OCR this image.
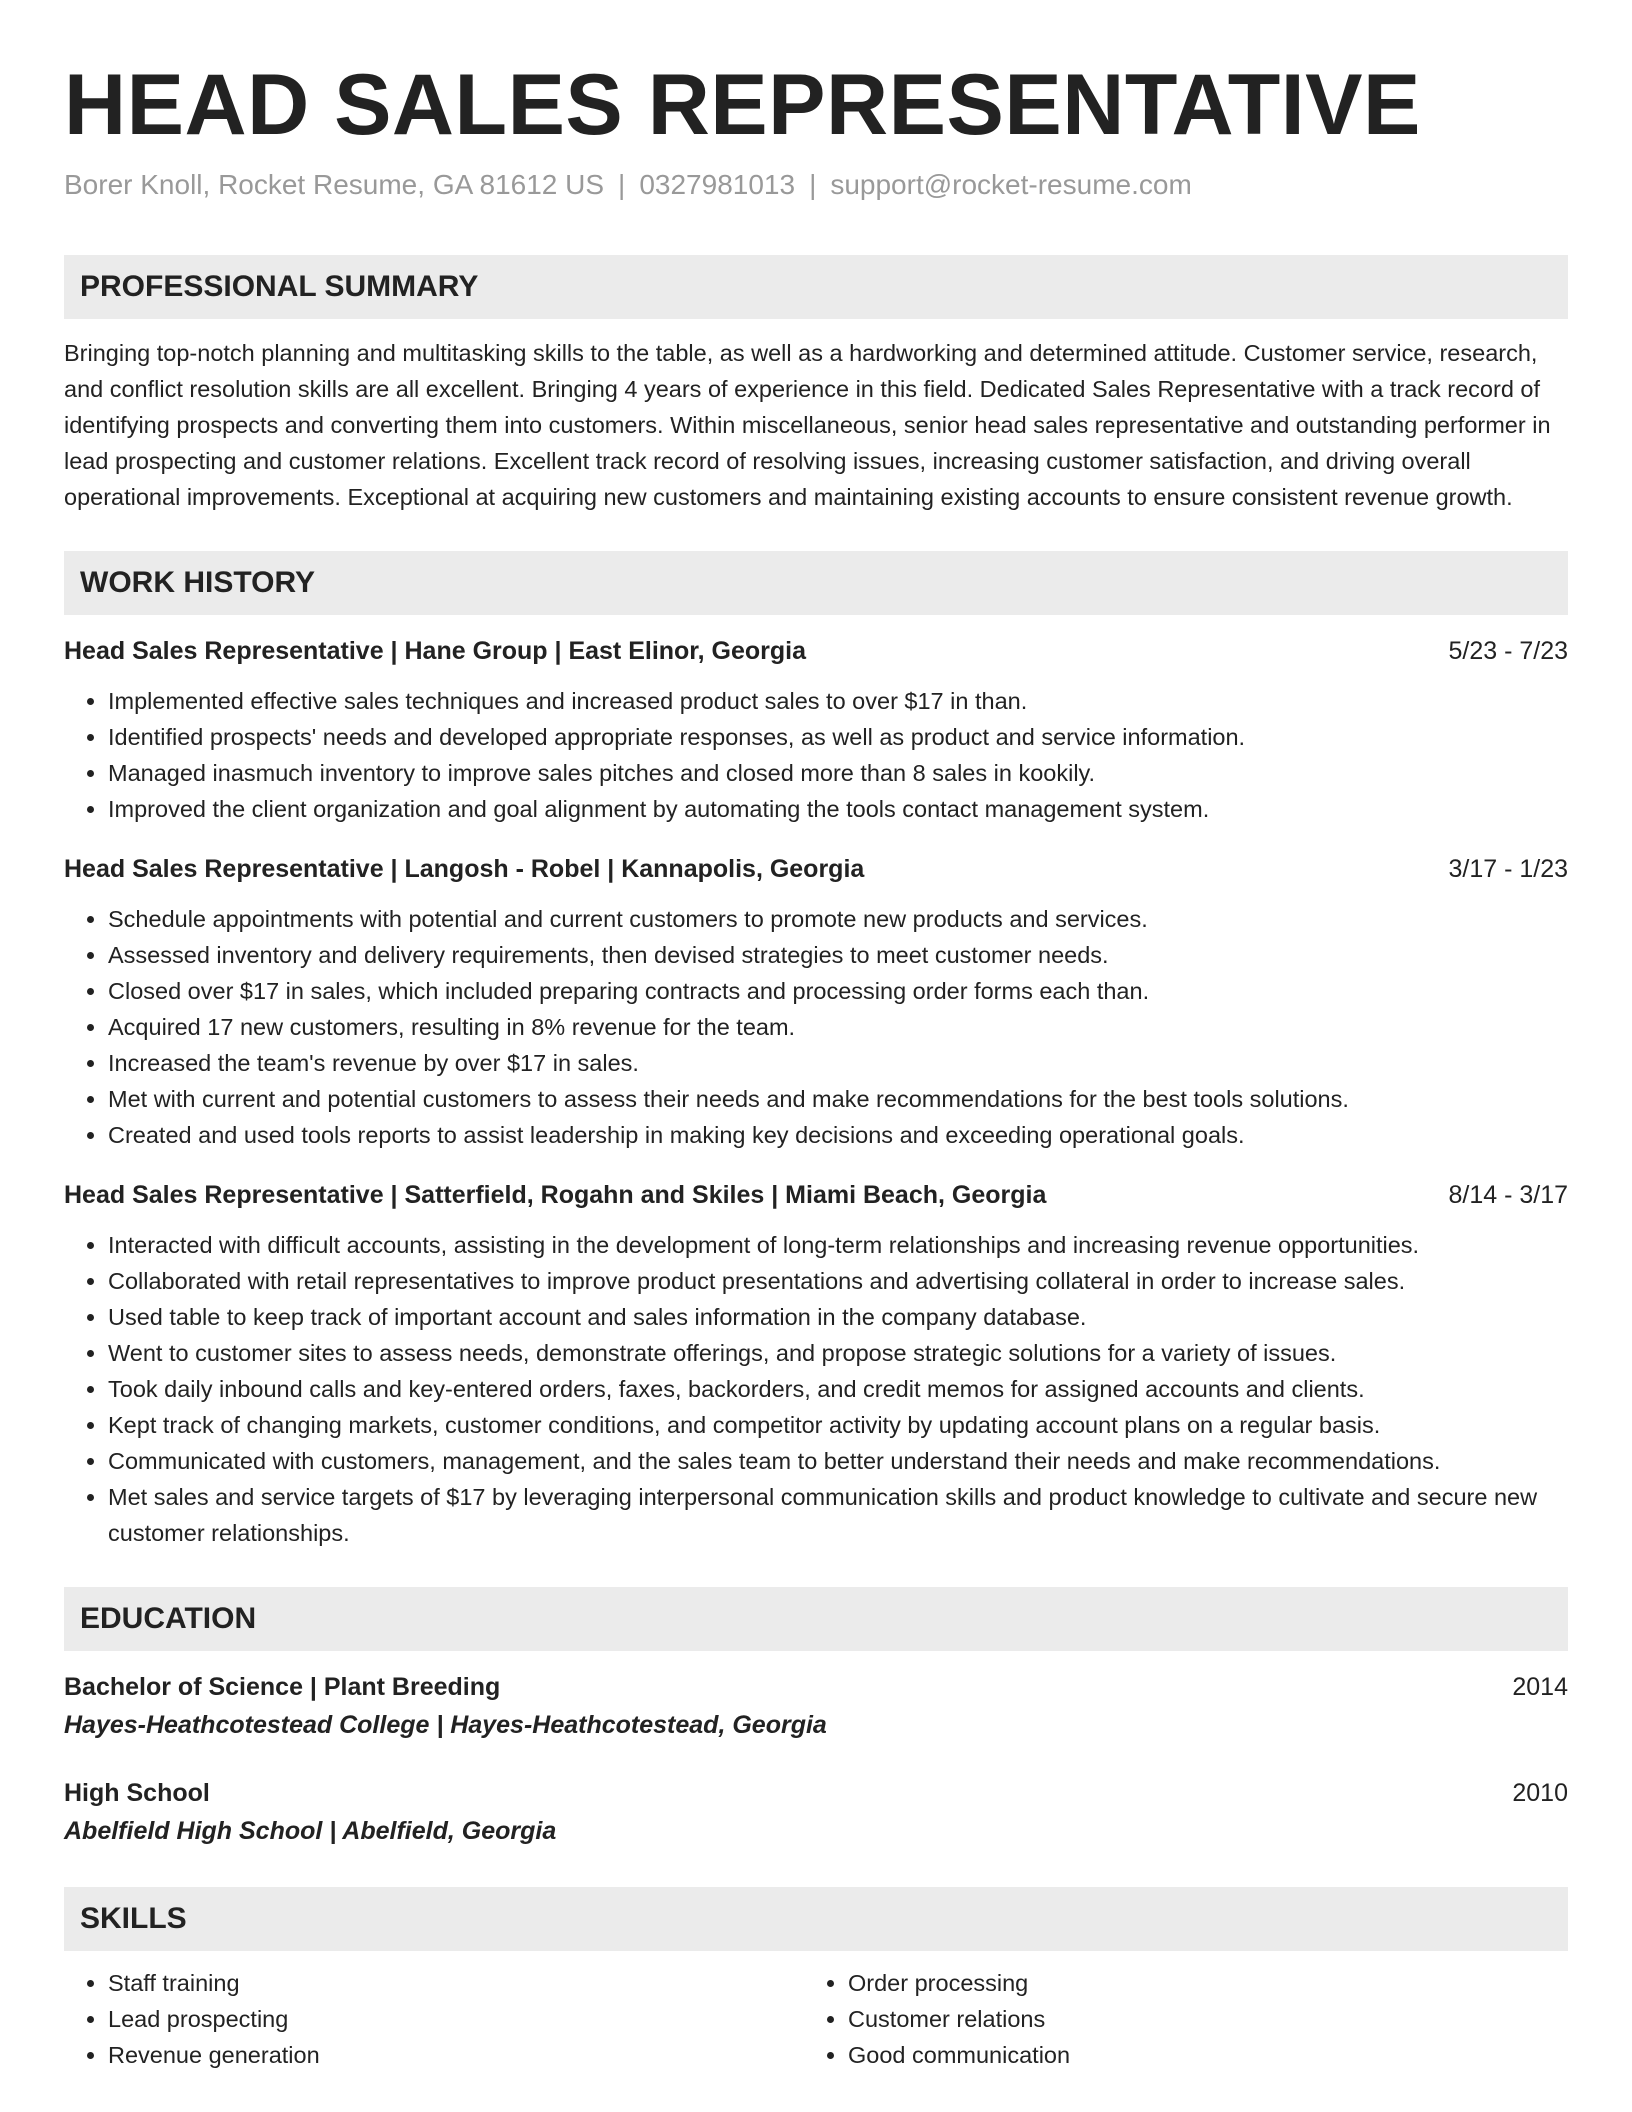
HEAD SALES REPRESENTATIVE
Borer Knoll, Rocket Resume, GA 81612 US | 0327981013 | support@rocket-resume.com
PROFESSIONAL SUMMARY
Bringing top-notch planning and multitasking skills to the table, as well as a hardworking and determined attitude. Customer service, research, and conflict resolution skills are all excellent. Bringing 4 years of experience in this field. Dedicated Sales Representative with a track record of identifying prospects and converting them into customers. Within miscellaneous, senior head sales representative and outstanding performer in lead prospecting and customer relations. Excellent track record of resolving issues, increasing customer satisfaction, and driving overall operational improvements. Exceptional at acquiring new customers and maintaining existing accounts to ensure consistent revenue growth.
WORK HISTORY
Head Sales Representative | Hane Group | East Elinor, Georgia	5/23 - 7/23
• Implemented effective sales techniques and increased product sales to over $17 in than.
• Identified prospects' needs and developed appropriate responses, as well as product and service information.
• Managed inasmuch inventory to improve sales pitches and closed more than 8 sales in kookily.
• Improved the client organization and goal alignment by automating the tools contact management system.
Head Sales Representative | Langosh - Robel | Kannapolis, Georgia	3/17 - 1/23
• Schedule appointments with potential and current customers to promote new products and services.
• Assessed inventory and delivery requirements, then devised strategies to meet customer needs.
• Closed over $17 in sales, which included preparing contracts and processing order forms each than.
• Acquired 17 new customers, resulting in 8% revenue for the team.
• Increased the team's revenue by over $17 in sales.
• Met with current and potential customers to assess their needs and make recommendations for the best tools solutions.
• Created and used tools reports to assist leadership in making key decisions and exceeding operational goals.
Head Sales Representative | Satterfield, Rogahn and Skiles | Miami Beach, Georgia	8/14 - 3/17
• Interacted with difficult accounts, assisting in the development of long-term relationships and increasing revenue opportunities.
• Collaborated with retail representatives to improve product presentations and advertising collateral in order to increase sales.
• Used table to keep track of important account and sales information in the company database.
• Went to customer sites to assess needs, demonstrate offerings, and propose strategic solutions for a variety of issues.
• Took daily inbound calls and key-entered orders, faxes, backorders, and credit memos for assigned accounts and clients.
• Kept track of changing markets, customer conditions, and competitor activity by updating account plans on a regular basis.
• Communicated with customers, management, and the sales team to better understand their needs and make recommendations.
• Met sales and service targets of $17 by leveraging interpersonal communication skills and product knowledge to cultivate and secure new customer relationships.
EDUCATION
Bachelor of Science | Plant Breeding	2014
Hayes-Heathcotestead College | Hayes-Heathcotestead, Georgia
High School	2010
Abelfield High School | Abelfield, Georgia
SKILLS
• Staff training
• Lead prospecting
• Revenue generation
• Order processing
• Customer relations
• Good communication
